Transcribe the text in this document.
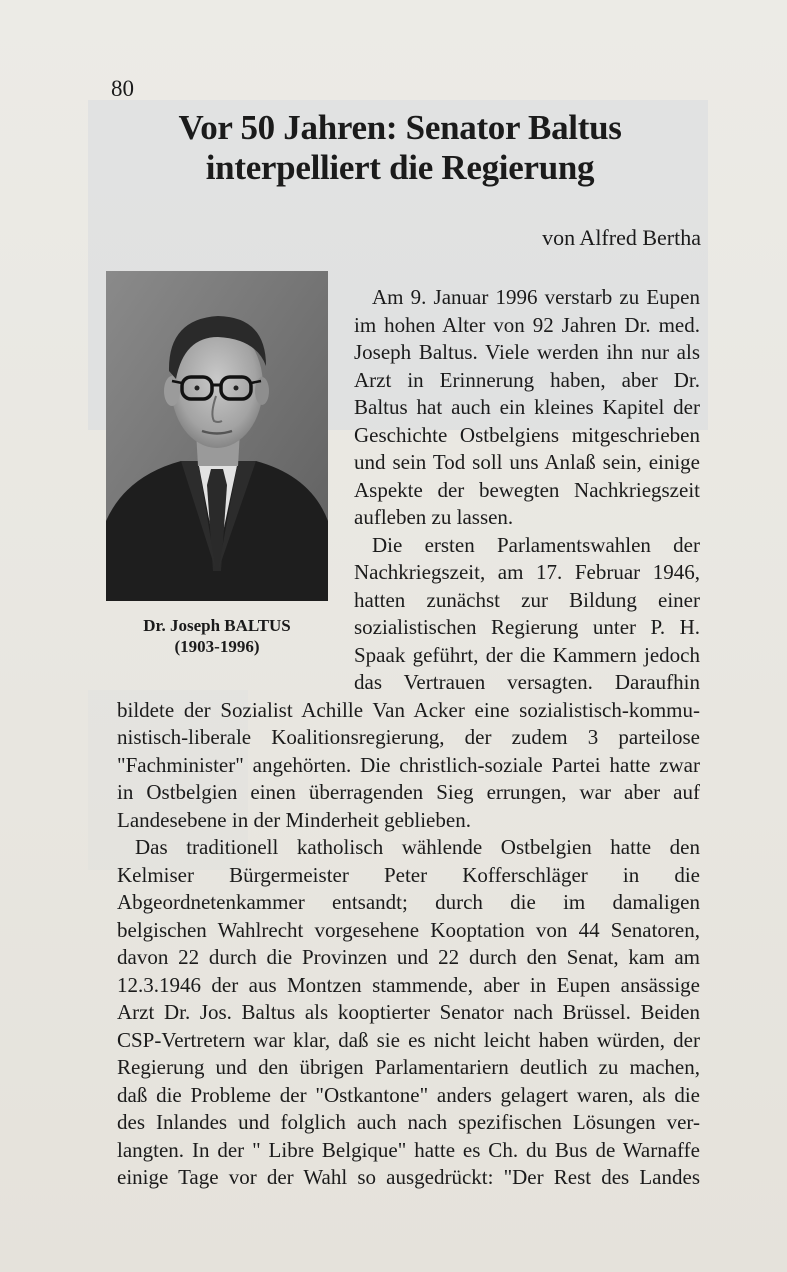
80
Vor 50 Jahren: Senator Baltus
interpelliert die Regierung
von Alfred Bertha
Dr. Joseph BALTUS
(1903-1996)
Am 9. Januar 1996 verstarb zu Eupen
im hohen Alter von 92 Jahren Dr. med.
Joseph Baltus. Viele werden ihn nur als
Arzt in Erinnerung haben, aber Dr.
Baltus hat auch ein kleines Kapitel der
Geschichte Ostbelgiens mitgeschrieben
und sein Tod soll uns Anlaß sein, einige
Aspekte der bewegten Nachkriegszeit
aufleben zu lassen.
Die ersten Parlamentswahlen der
Nachkriegszeit, am 17. Februar 1946,
hatten zunächst zur Bildung einer
sozialistischen Regierung unter P. H.
Spaak geführt, der die Kammern jedoch
das Vertrauen versagten. Daraufhin
bildete der Sozialist Achille Van Acker eine sozialistisch-kommu-
nistisch-liberale Koalitionsregierung, der zudem 3 parteilose
"Fachminister" angehörten. Die christlich-soziale Partei hatte zwar
in Ostbelgien einen überragenden Sieg errungen, war aber auf
Landesebene in der Minderheit geblieben.
Das traditionell katholisch wählende Ostbelgien hatte den
Kelmiser Bürgermeister Peter Kofferschläger in die
Abgeordnetenkammer entsandt; durch die im damaligen
belgischen Wahlrecht vorgesehene Kooptation von 44 Senatoren,
davon 22 durch die Provinzen und 22 durch den Senat, kam am
12.3.1946 der aus Montzen stammende, aber in Eupen ansässige
Arzt Dr. Jos. Baltus als kooptierter Senator nach Brüssel. Beiden
CSP-Vertretern war klar, daß sie es nicht leicht haben würden, der
Regierung und den übrigen Parlamentariern deutlich zu machen,
daß die Probleme der "Ostkantone" anders gelagert waren, als die
des Inlandes und folglich auch nach spezifischen Lösungen ver-
langten. In der " Libre Belgique" hatte es Ch. du Bus de Warnaffe
einige Tage vor der Wahl so ausgedrückt: "Der Rest des Landes
